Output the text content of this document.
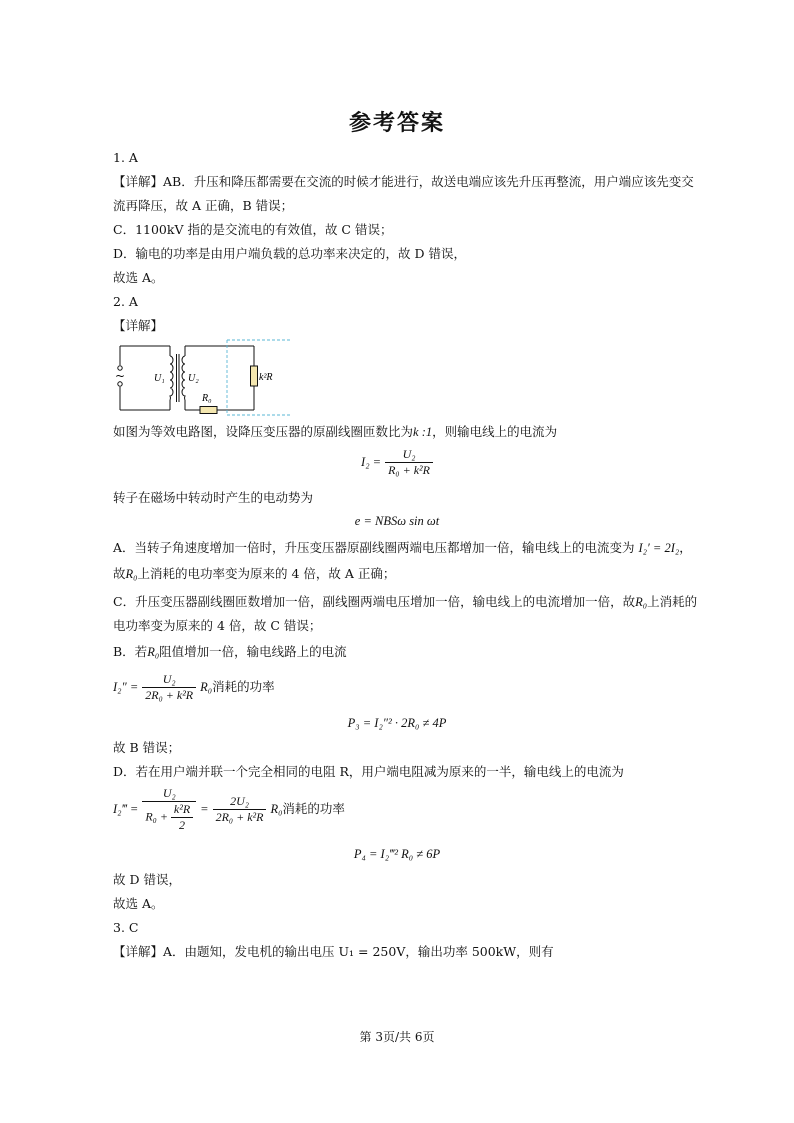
参考答案
1. A
【详解】AB．升压和降压都需要在交流的时候才能进行，故送电端应该先升压再整流，用户端应该先变交
流再降压，故 A 正确，B 错误；
C．1100kV 指的是交流电的有效值，故 C 错误；
D．输电的功率是由用户端负载的总功率来决定的，故 D 错误，
故选 A。
2. A
【详解】
~	U₁ U₂
R₀
k²R
如图为等效电路图，设降压变压器的原副线圈匝数比为k :1，则输电线上的电流为
$I_2 = \frac{\text{U₂}}{\text{R₀ + k²R}}$
转子在磁场中转动时产生的电动势为
e = NBSω sin ωt
A．当转子角速度增加一倍时，升压变压器原副线圈两端电压都增加一倍，输电线上的电流变为 I₂′ = 2I₂，
故R₀上消耗的电功率变为原来的 4 倍，故 A 正确；
C．升压变压器副线圈匝数增加一倍，副线圈两端电压增加一倍，输电线上的电流增加一倍，故R₀上消耗的
电功率变为原来的 4 倍，故 C 错误；
B．若R₀阻值增加一倍，输电线路上的电流
$I_2'' = \frac{\text{U₂}}{\text{2R₀ + k²R}} R_0$消耗的功率
P₃ = I₂″² · 2R₀ ≠ 4P
故 B 错误；
D．若在用户端并联一个完全相同的电阻 R，用户端电阻减为原来的一半，输电线上的电流为
I₂‴ = $\frac{\text{U₂}}{R_0 + \frac{\text{k²R}}{2}} = \frac{\text{2U₂}}{\text{2R₀ + k²R}} R_0$消耗的功率
P₄ = I₂‴² R₀ ≠ 6P
故 D 错误，
故选 A。
3. C
【详解】A．由题知，发电机的输出电压 U₁ = 250V，输出功率 500kW，则有
第 3页/共 6页
